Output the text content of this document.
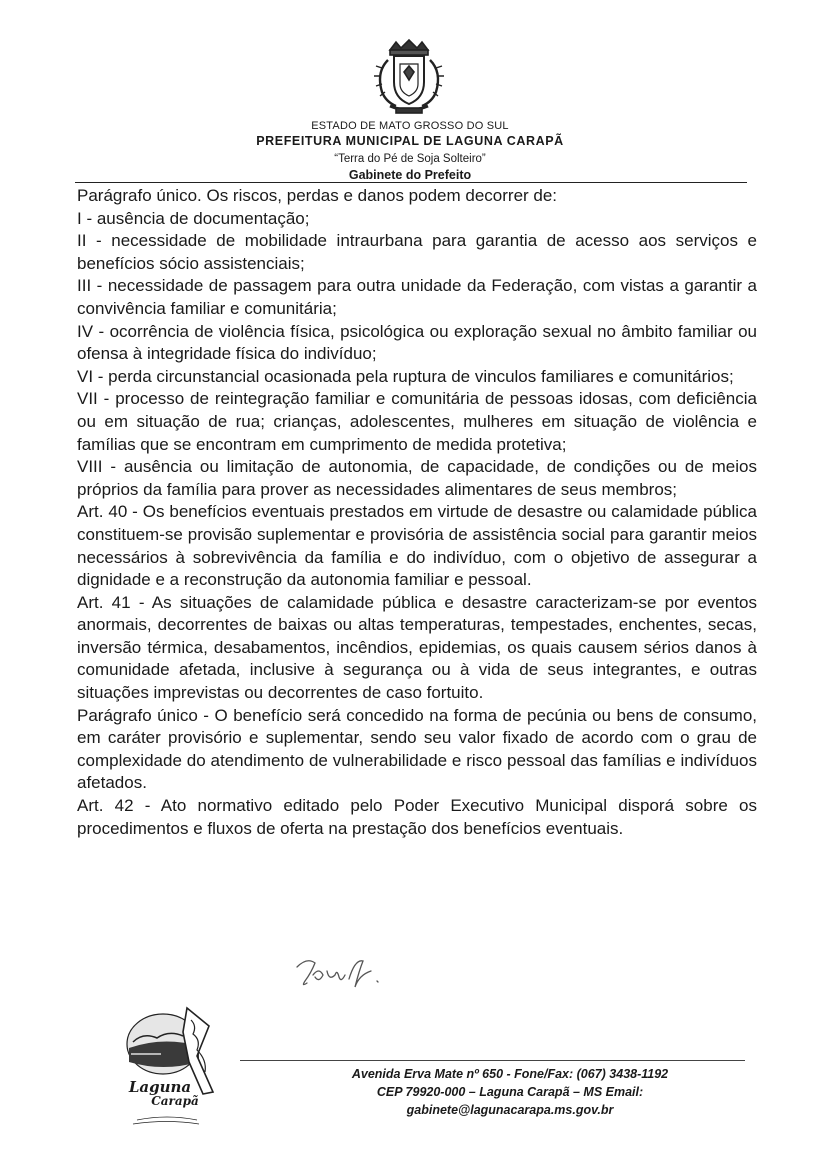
ESTADO DE MATO GROSSO DO SUL
PREFEITURA MUNICIPAL DE LAGUNA CARAPÃ
“Terra do Pé de Soja Solteiro”
Gabinete do Prefeito

Parágrafo único. Os riscos, perdas e danos podem decorrer de:

I - ausência de documentação;

II - necessidade de mobilidade intraurbana para garantia de acesso aos serviços e benefícios sócio assistenciais;

III - necessidade de passagem para outra unidade da Federação, com vistas a garantir a convivência familiar e comunitária;

IV - ocorrência de violência física, psicológica ou exploração sexual no âmbito familiar ou ofensa à integridade física do indivíduo;

VI - perda circunstancial ocasionada pela ruptura de vinculos familiares e comunitários;

VII - processo de reintegração familiar e comunitária de pessoas idosas, com deficiência ou em situação de rua; crianças, adolescentes, mulheres em situação de violência e famílias que se encontram em cumprimento de medida protetiva;

VIII - ausência ou limitação de autonomia, de capacidade, de condições ou de meios próprios da família para prover as necessidades alimentares de seus membros;

Art. 40 - Os benefícios eventuais prestados em virtude de desastre ou calamidade pública constituem-se provisão suplementar e provisória de assistência social para garantir meios necessários à sobrevivência da família e do indivíduo, com o objetivo de assegurar a dignidade e a reconstrução da autonomia familiar e pessoal.

Art. 41 - As situações de calamidade pública e desastre caracterizam-se por eventos anormais, decorrentes de baixas ou altas temperaturas, tempestades, enchentes, secas, inversão térmica, desabamentos, incêndios, epidemias, os quais causem sérios danos à comunidade afetada, inclusive à segurança ou à vida de seus integrantes, e outras situações imprevistas ou decorrentes de caso fortuito.

Parágrafo único - O benefício será concedido na forma de pecúnia ou bens de consumo, em caráter provisório e suplementar, sendo seu valor fixado de acordo com o grau de complexidade do atendimento de vulnerabilidade e risco pessoal das famílias e indivíduos afetados.

Art. 42 - Ato normativo editado pelo Poder Executivo Municipal disporá sobre os procedimentos e fluxos de oferta na prestação dos benefícios eventuais.

Laguna
Carapã
Avenida Erva Mate nº 650 - Fone/Fax: (067) 3438-1192
CEP 79920-000 – Laguna Carapã – MS Email:
gabinete@lagunacarapa.ms.gov.br
